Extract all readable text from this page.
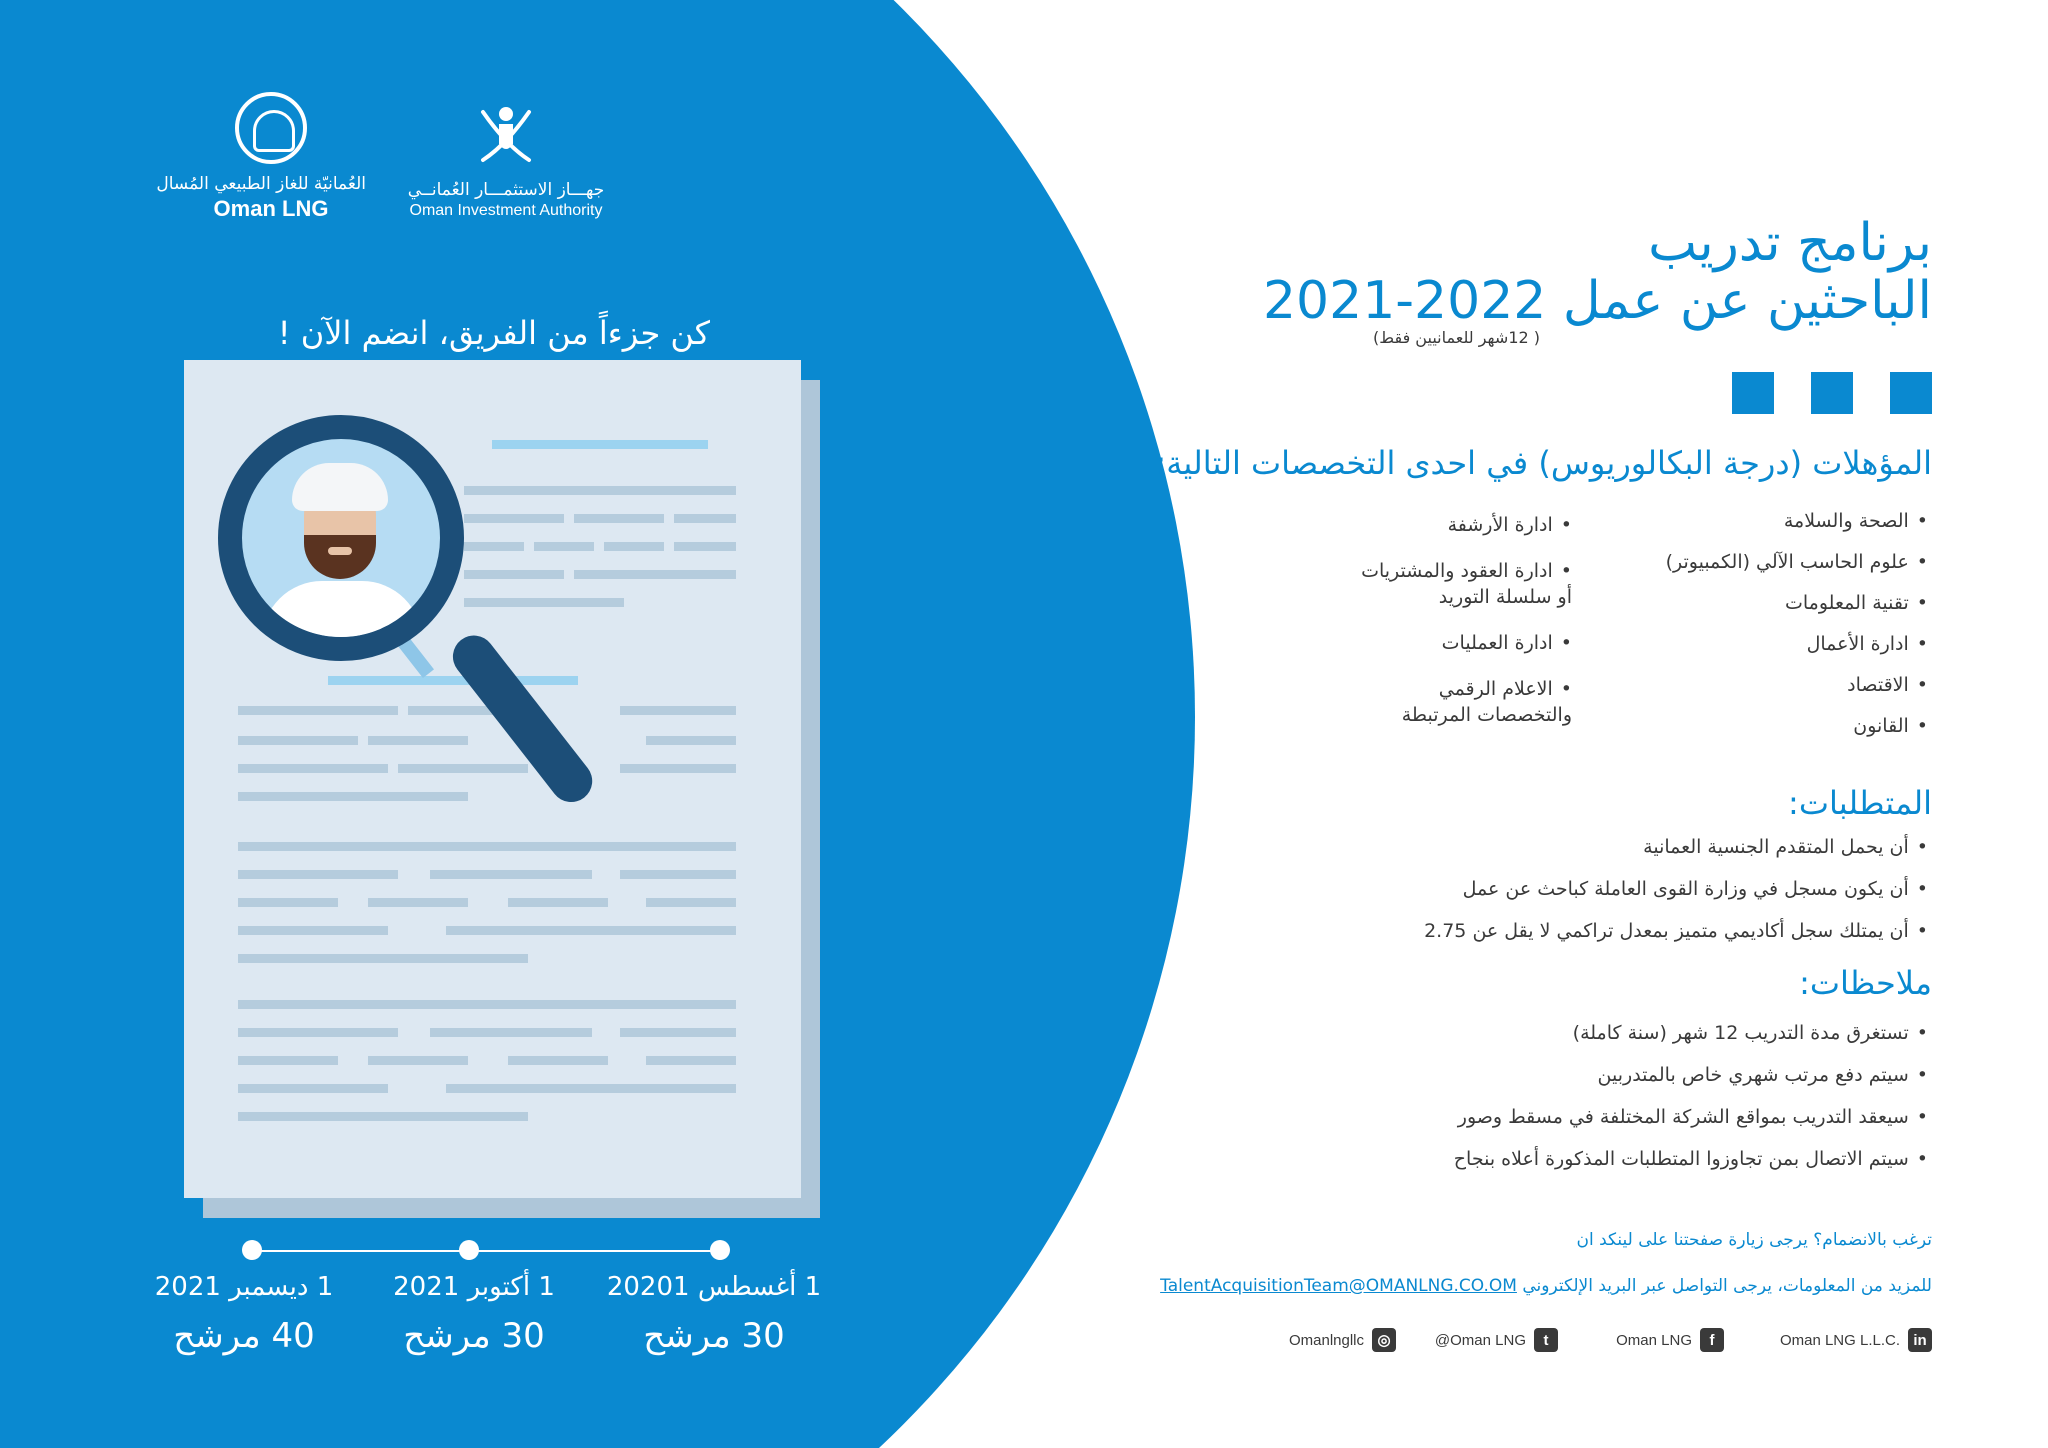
العُمانيّة للغاز الطبيعي المُسال
Oman LNG
جهـــاز الاستثمـــار العُمانــي
Oman Investment Authority
كن جزءاً من الفريق، انضم الآن !
1 أغسطس 20201
30 مرشح
1 أكتوبر 2021
30 مرشح
1 ديسمبر 2021
40 مرشح
برنامج تدريب
الباحثين عن عمل 2022-2021
( 12شهر للعمانيين فقط)
المؤهلات (درجة البكالوريوس) في احدى التخصصات التالية:
•الصحة والسلامة
•علوم الحاسب الآلي (الكمبيوتر)
•تقنية المعلومات
•ادارة الأعمال
•الاقتصاد
•القانون
•ادارة الأرشفة
•ادارة العقود والمشتريات
أو سلسلة التوريد
•ادارة العمليات
•الاعلام الرقمي
والتخصصات المرتبطة
المتطلبات:
•أن يحمل المتقدم الجنسية العمانية
•أن يكون مسجل في وزارة القوى العاملة كباحث عن عمل
•أن يمتلك سجل أكاديمي متميز بمعدل تراكمي لا يقل عن 2.75
ملاحظات:
•تستغرق مدة التدريب 12 شهر (سنة كاملة)
•سيتم دفع مرتب شهري خاص بالمتدربين
•سيعقد التدريب بمواقع الشركة المختلفة في مسقط وصور
•سيتم الاتصال بمن تجاوزوا المتطلبات المذكورة أعلاه بنجاح
ترغب بالانضمام؟ يرجى زيارة صفحتنا على لينكد ان
للمزيد من المعلومات، يرجى التواصل عبر البريد الإلكتروني TalentAcquisitionTeam@OMANLNG.CO.OM
Oman LNG L.L.C. in
Oman LNG	f
@Oman LNG	t
Omanlngllc ◎
